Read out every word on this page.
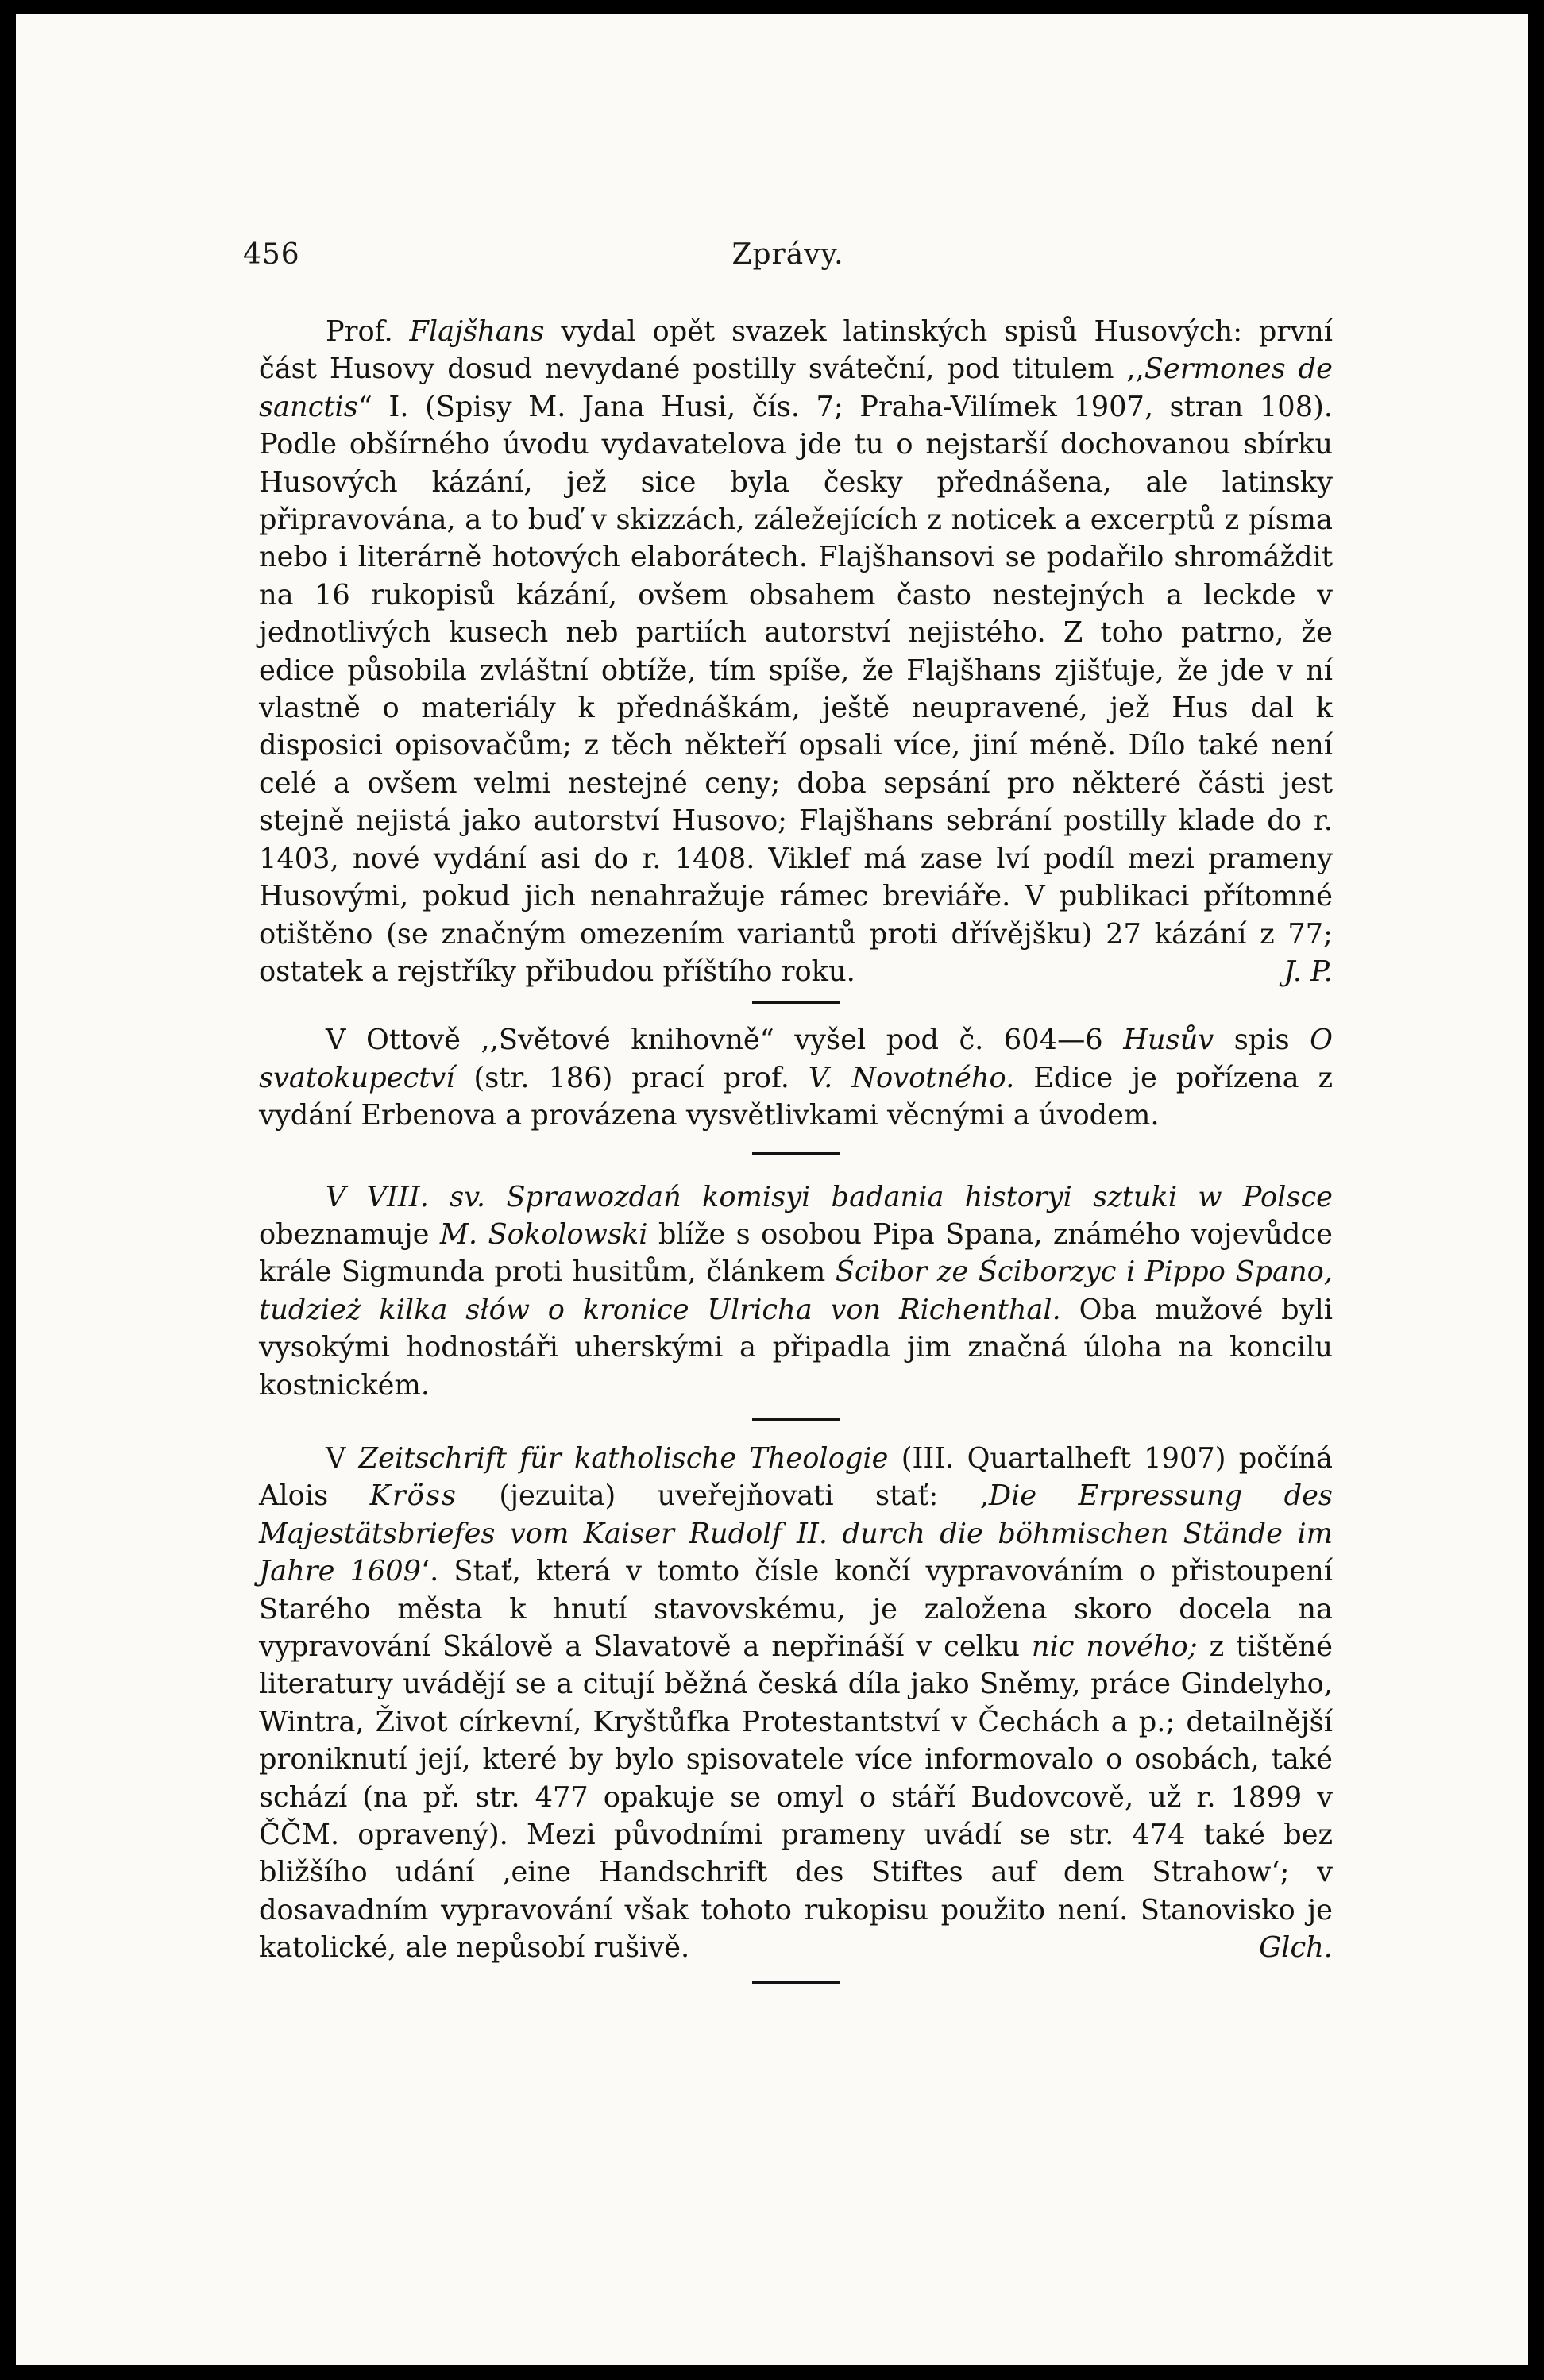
456	Zprávy.

Prof. Flajšhans vydal opět svazek latinských spisů Husových: první část Husovy dosud nevydané postilly sváteční, pod titulem ,,Sermones de sanctis“ I. (Spisy M. Jana Husi, čís. 7; Praha-Vilímek 1907, stran 108). Podle obšírného úvodu vydavatelova jde tu o nejstarší dochovanou sbírku Husových kázání, jež sice byla česky přednášena, ale latinsky připravována, a to buď v skizzách, záležejících z noticek a excerptů z písma nebo i literárně hotových elaborátech. Flajšhansovi se podařilo shromáždit na 16 rukopisů kázání, ovšem obsahem často nestejných a leckde v jednotlivých kusech neb partiích autorství nejistého. Z toho patrno, že edice působila zvláštní obtíže, tím spíše, že Flajšhans zjišťuje, že jde v ní vlastně o materiály k přednáškám, ještě neupravené, jež Hus dal k disposici opisovačům; z těch někteří opsali více, jiní méně. Dílo také není celé a ovšem velmi nestejné ceny; doba sepsání pro některé části jest stejně nejistá jako autorství Husovo; Flajšhans sebrání postilly klade do r. 1403, nové vydání asi do r. 1408. Viklef má zase lví podíl mezi prameny Husovými, pokud jich nenahražuje rámec breviáře. V publikaci přítomné otištěno (se značným omezením variantů proti dřívějšku) 27 kázání z 77; ostatek a rejstříky přibudou příštího roku.	J. P.

V Ottově ,,Světové knihovně“ vyšel pod č. 604—6 Husův spis O svatokupectví (str. 186) prací prof. V. Novotného. Edice je pořízena z vydání Erbenova a provázena vysvětlivkami věcnými a úvodem.

V VIII. sv. Sprawozdań komisyi badania historyi sztuki w Polsce obeznamuje M. Sokolowski blíže s osobou Pipa Spana, známého vojevůdce krále Sigmunda proti husitům, článkem Ścibor ze Ściborzyc i Pippo Spano, tudzież kilka słów o kronice Ulricha von Richenthal. Oba mužové byli vysokými hodnostáři uherskými a připadla jim značná úloha na koncilu kostnickém.

V Zeitschrift für katholische Theologie (III. Quartalheft 1907) počíná Alois Kröss (jezuita) uveřejňovati stať: ‚Die Erpressung des Majestätsbriefes vom Kaiser Rudolf II. durch die böhmischen Stände im Jahre 1609‘. Stať, která v tomto čísle končí vypravováním o přistoupení Starého města k hnutí stavovskému, je založena skoro docela na vypravování Skálově a Slavatově a nepřináší v celku nic nového; z tištěné literatury uvádějí se a citují běžná česká díla jako Sněmy, práce Gindelyho, Wintra, Život církevní, Kryštůfka Protestantství v Čechách a p.; detailnější proniknutí její, které by bylo spisovatele více informovalo o osobách, také schází (na př. str. 477 opakuje se omyl o stáří Budovcově, už r. 1899 v ČČM. opravený). Mezi původními prameny uvádí se str. 474 také bez bližšího udání ‚eine Handschrift des Stiftes auf dem Strahow‘; v dosavadním vypravování však tohoto rukopisu použito není. Stanovisko je katolické, ale nepůsobí rušivě.	Glch.
